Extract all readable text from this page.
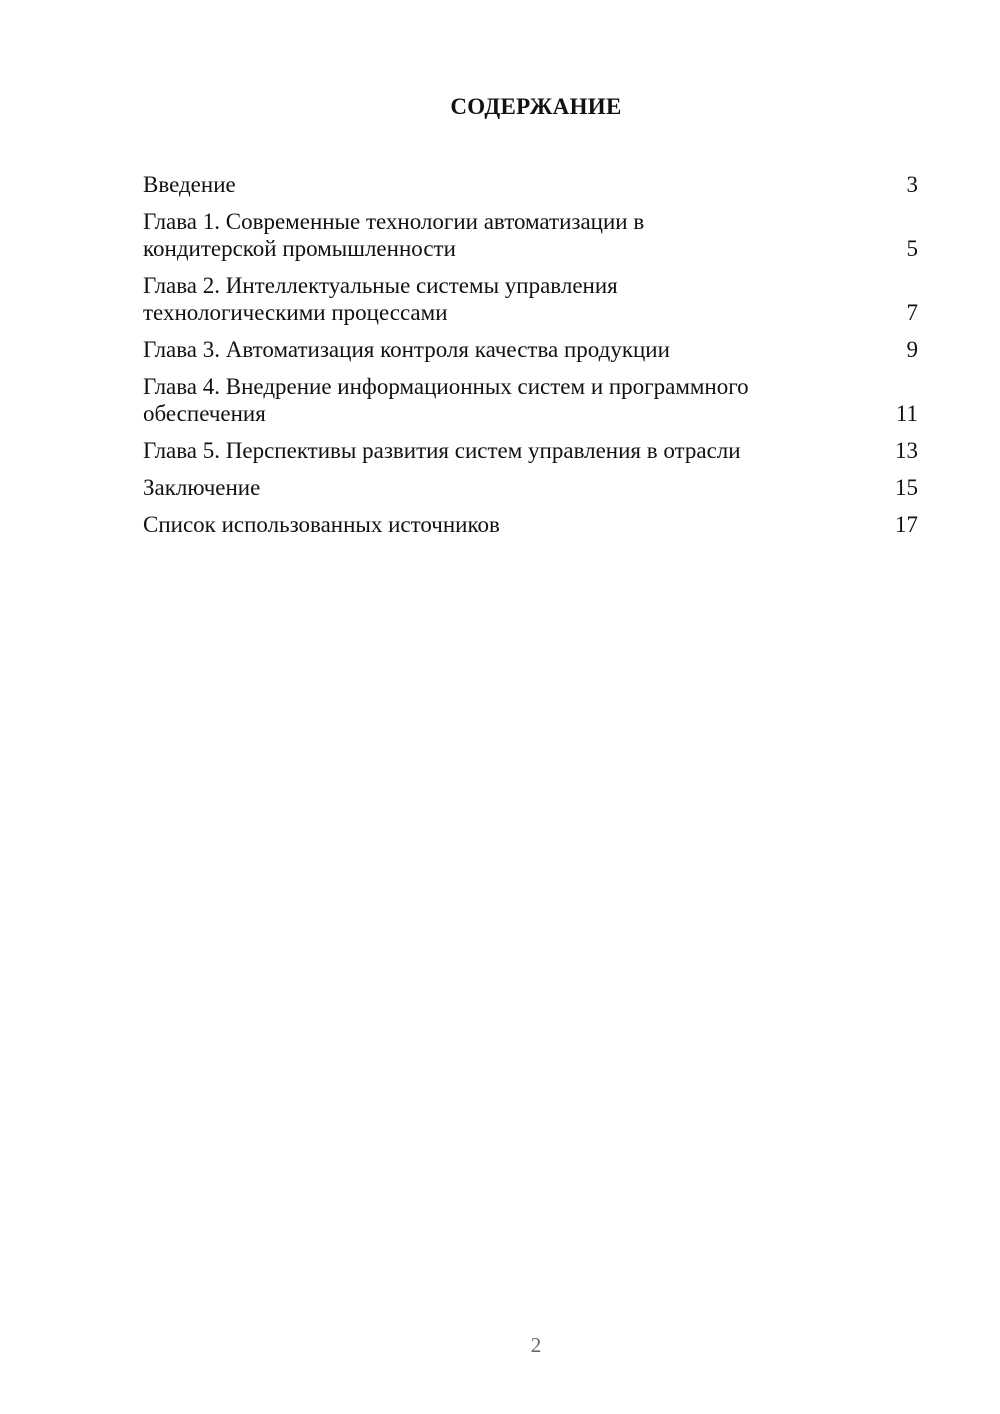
СОДЕРЖАНИЕ
Введение	3
Глава 1. Современные технологии автоматизации в
кондитерской промышленности	5
Глава 2. Интеллектуальные системы управления
технологическими процессами	7
Глава 3. Автоматизация контроля качества продукции	9
Глава 4. Внедрение информационных систем и программного
обеспечения	11
Глава 5. Перспективы развития систем управления в отрасли	13
Заключение	15
Список использованных источников	17
2
